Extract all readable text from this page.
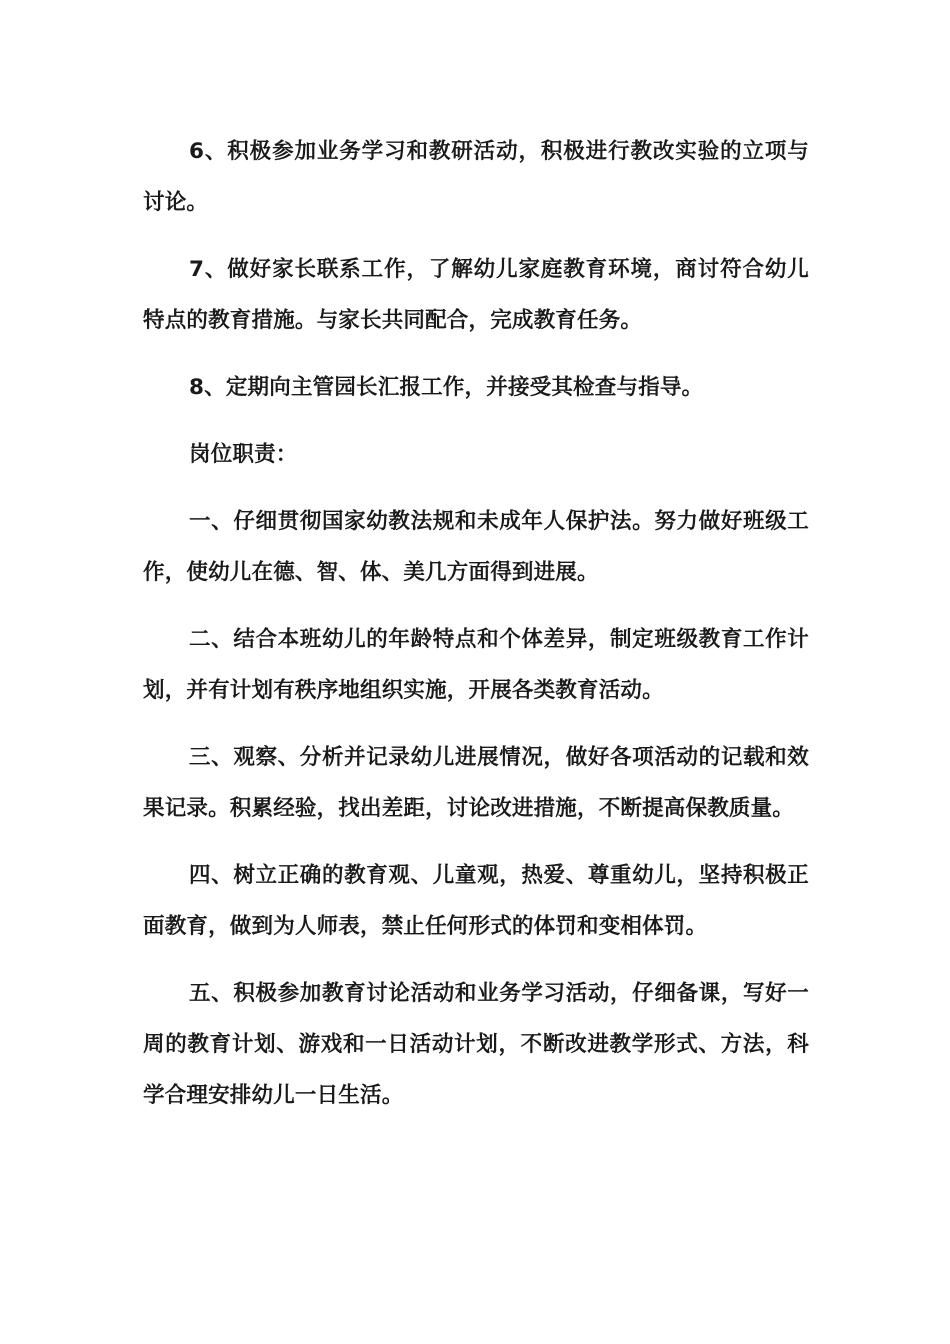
6、积极参加业务学习和教研活动，积极进行教改实验的立项与讨论。

7、做好家长联系工作，了解幼儿家庭教育环境，商讨符合幼儿特点的教育措施。与家长共同配合，完成教育任务。

8、定期向主管园长汇报工作，并接受其检查与指导。

岗位职责：

一、仔细贯彻国家幼教法规和未成年人保护法。努力做好班级工作，使幼儿在德、智、体、美几方面得到进展。

二、结合本班幼儿的年龄特点和个体差异，制定班级教育工作计划，并有计划有秩序地组织实施，开展各类教育活动。

三、观察、分析并记录幼儿进展情况，做好各项活动的记载和效果记录。积累经验，找出差距，讨论改进措施，不断提高保教质量。

四、树立正确的教育观、儿童观，热爱、尊重幼儿，坚持积极正面教育，做到为人师表，禁止任何形式的体罚和变相体罚。

五、积极参加教育讨论活动和业务学习活动，仔细备课，写好一周的教育计划、游戏和一日活动计划，不断改进教学形式、方法，科学合理安排幼儿一日生活。
